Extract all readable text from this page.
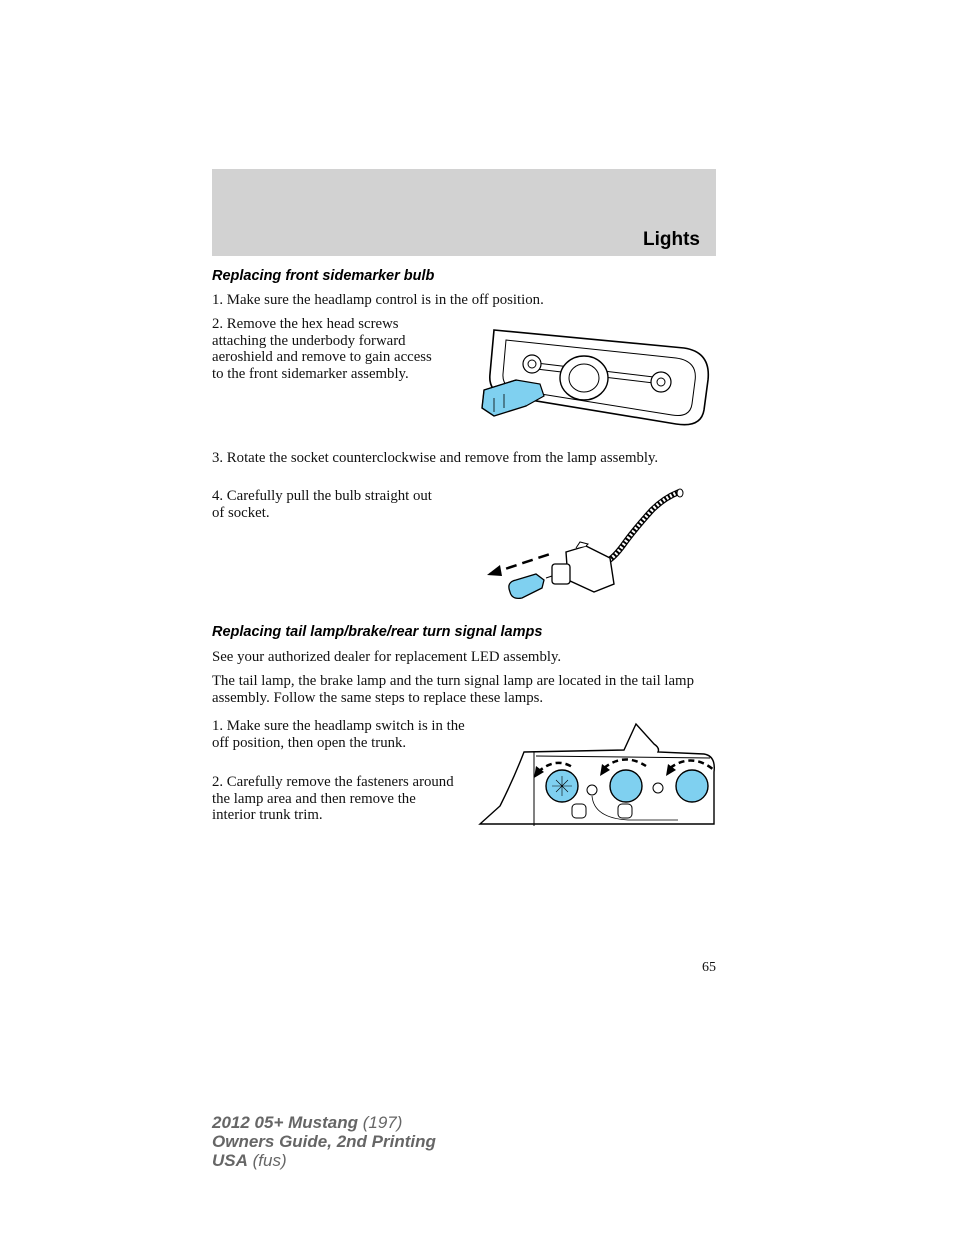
Lights
Replacing front sidemarker bulb
1. Make sure the headlamp control is in the off position.
2. Remove the hex head screws attaching the underbody forward aeroshield and remove to gain access to the front sidemarker assembly.
3. Rotate the socket counterclockwise and remove from the lamp assembly.
4. Carefully pull the bulb straight out of socket.
Replacing tail lamp/brake/rear turn signal lamps
See your authorized dealer for replacement LED assembly.
The tail lamp, the brake lamp and the turn signal lamp are located in the tail lamp assembly. Follow the same steps to replace these lamps.
1. Make sure the headlamp switch is in the off position, then open the trunk.
2. Carefully remove the fasteners around the lamp area and then remove the interior trunk trim.
65
2012 05+ Mustang (197)
Owners Guide, 2nd Printing
USA (fus)
